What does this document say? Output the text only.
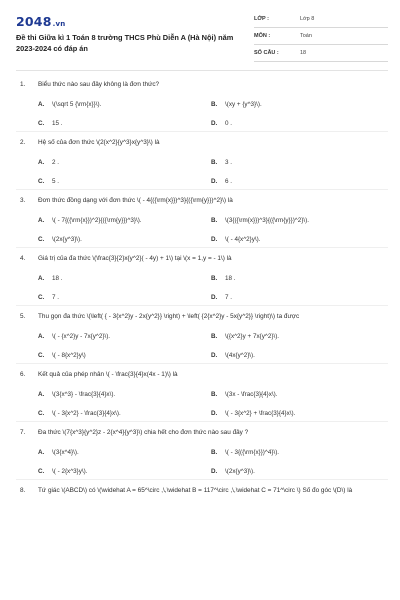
2048.vn
Đề thi Giữa kì 1 Toán 8 trường THCS Phù Diễn A (Hà Nội) năm 2023-2024 có đáp án
LỚP :	Lớp 8
MÔN :	Toán
SỐ CÂU :	18
1. Biểu thức nào sau đây không là đơn thức?
A. \(\sqrt 5 {\rm{x}}\).	B. \(xy + {y^3}\).
C. 15 .	D. 0 .
2. Hệ số của đơn thức \(2{x^2}{y^3}x{y^3}\) là
A. 2 .	B. 3 .
C. 5 .	D. 6 .
3. Đơn thức đồng dạng với đơn thức \( - 4{({\rm{x}})^3}{({\rm{y}})^2}\) là
A. \( - 7{({\rm{x}})^2}{({\rm{y}})^3}\).	B. \(3{({\rm{x}})^3}{({\rm{y}})^2}\).
C. \(2x{y^3}\).	D. \( - 4{x^2}y\).
4. Giá trị của đa thức \(\frac{3}{2}x{y^2}( - 4y) + 1\) tại \(x = 1,y = - 1\) là
A. 18 .	B. 18 .
C. 7 .	D. 7 .
5. Thu gọn đa thức \(\left( { - 3{x^2}y - 2x{y^2}} \right) + \left( {2{x^2}y - 5x{y^2}} \right)\) ta được
A. \( - {x^2}y - 7x{y^2}\).	B. \({x^2}y + 7x{y^2}\).
C. \( - 8{x^2}y\)	D. \(4x{y^2}\).
6. Kết quả của phép nhân \( - \frac{3}{4}x(4x - 1)\) là
A. \(3{x^3} - \frac{3}{4}x\).	B. \(3x - \frac{3}{4}x\).
C. \( - 3{x^2} - \frac{3}{4}x\).	D. \( - 3{x^2} + \frac{3}{4}x\).
7. Đa thức \(7{x^3}{y^2}z - 2{x^4}{y^3}\) chia hết cho đơn thức nào sau đây ?
A. \(3{x^4}\).	B. \( - 3{({\rm{x}})^4}\).
C. \( - 2{x^3}y\).	D. \(2x{y^3}\).
8. Tứ giác \(ABCD\) có \(\widehat A = 65^\circ ,\,\widehat B = 117^\circ ,\,\widehat C = 71^\circ \) Số đo góc \(D\) là
